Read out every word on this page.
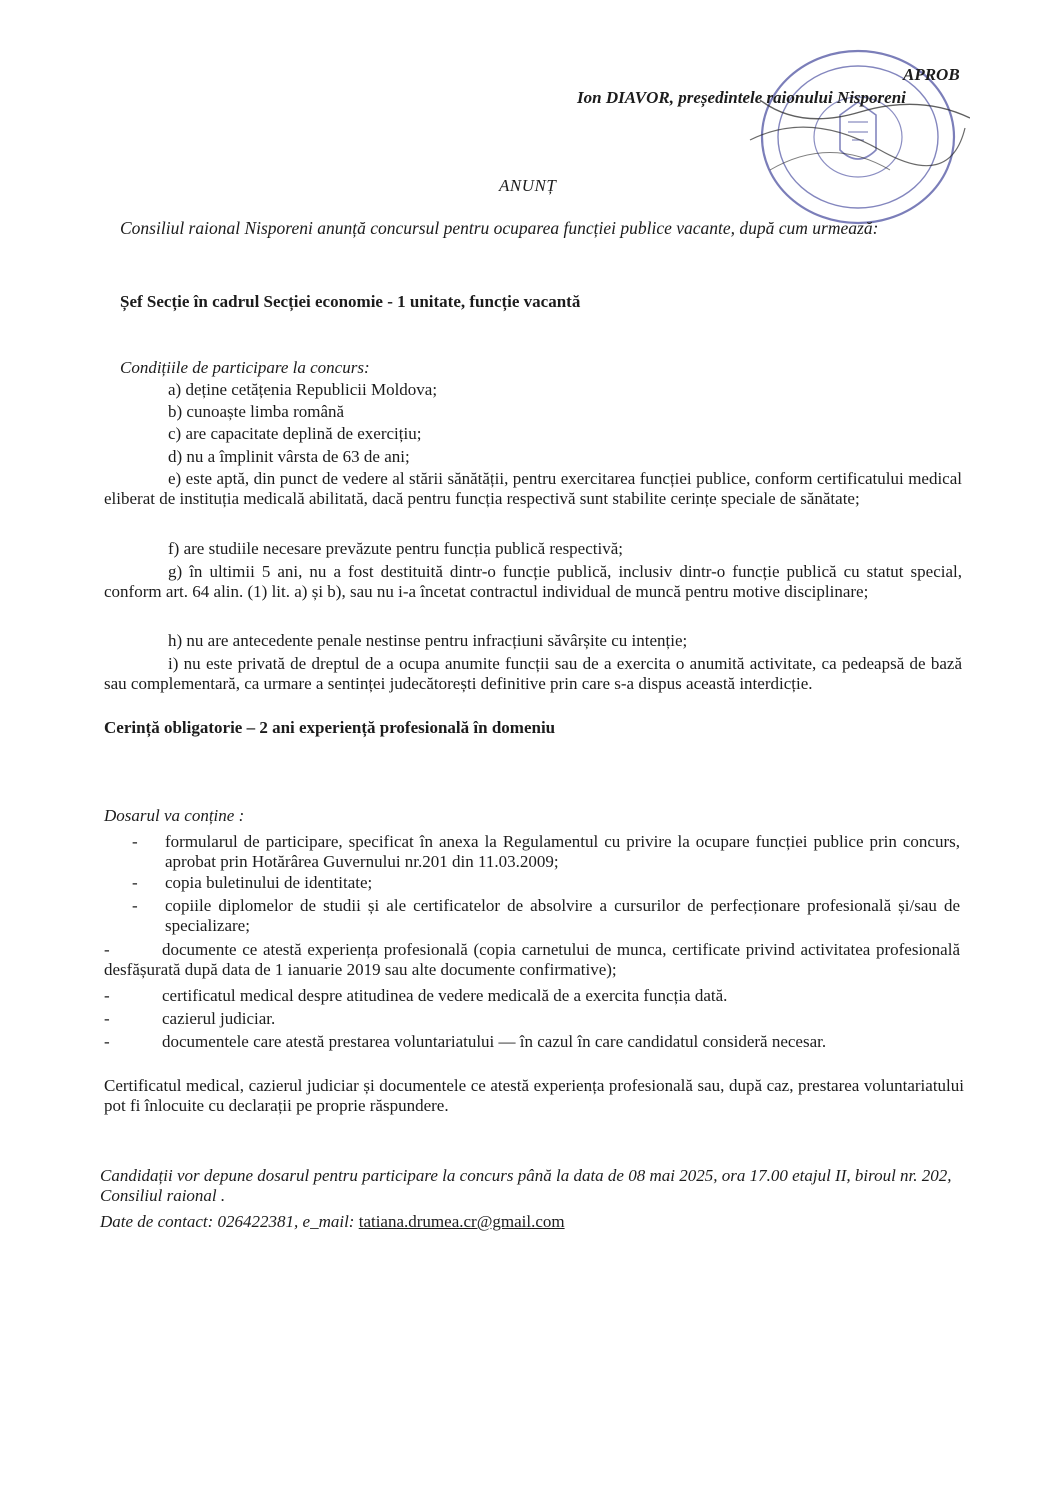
APROB
Ion DIAVOR, președintele raionului Nisporeni
ANUNȚ
Consiliul raional Nisporeni anunță concursul pentru ocuparea funcției publice vacante, după cum urmează:
Șef Secție în cadrul Secției economie - 1 unitate, funcție vacantă
Condițiile de participare la concurs:
a) deține cetățenia Republicii Moldova;
b) cunoaște limba română
c) are capacitate deplină de exercițiu;
d) nu a împlinit vârsta de 63 de ani;
e) este aptă, din punct de vedere al stării sănătății, pentru exercitarea funcției publice, conform certificatului medical eliberat de instituția medicală abilitată, dacă pentru funcția respectivă sunt stabilite cerințe speciale de sănătate;
f) are studiile necesare prevăzute pentru funcția publică respectivă;
g) în ultimii 5 ani, nu a fost destituită dintr-o funcție publică, inclusiv dintr-o funcție publică cu statut special, conform art. 64 alin. (1) lit. a) și b), sau nu i-a încetat contractul individual de muncă pentru motive disciplinare;
h) nu are antecedente penale nestinse pentru infracțiuni săvârșite cu intenție;
i) nu este privată de dreptul de a ocupa anumite funcții sau de a exercita o anumită activitate, ca pedeapsă de bază sau complementară, ca urmare a sentinței judecătorești definitive prin care s-a dispus această interdicție.
Cerință obligatorie – 2 ani experiență profesională în domeniu
Dosarul va conține :
- formularul de participare, specificat în anexa la Regulamentul cu privire la ocupare funcției publice prin concurs, aprobat prin Hotărârea Guvernului nr.201 din 11.03.2009;
- copia buletinului de identitate;
- copiile diplomelor de studii și ale certificatelor de absolvire a cursurilor de perfecționare profesională și/sau de specializare;
-	documente ce atestă experiența profesională (copia carnetului de munca, certificate privind activitatea profesională desfășurată după data de 1 ianuarie 2019 sau alte documente confirmative);
-	certificatul medical despre atitudinea de vedere medicală de a exercita funcția dată.
-	cazierul judiciar.
-	documentele care atestă prestarea voluntariatului — în cazul în care candidatul consideră necesar.
Certificatul medical, cazierul judiciar și documentele ce atestă experiența profesională sau, după caz, prestarea voluntariatului pot fi înlocuite cu declarații pe proprie răspundere.
Candidații vor depune dosarul pentru participare la concurs până la data de 08 mai 2025, ora 17.00 etajul II, biroul nr. 202, Consiliul raional .
Date de contact: 026422381, e_mail: tatiana.drumea.cr@gmail.com
